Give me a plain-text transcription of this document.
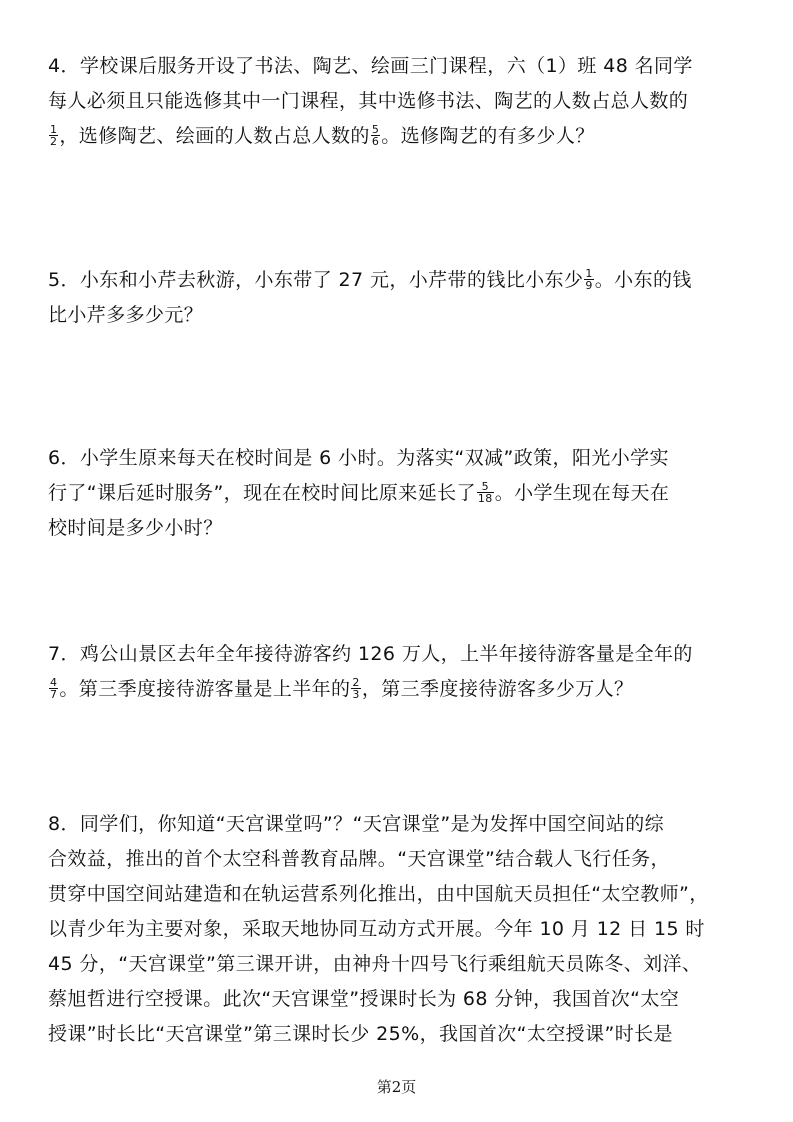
4．学校课后服务开设了书法、陶艺、绘画三门课程，六（1）班 48 名同学
每人必须且只能选修其中一门课程，其中选修书法、陶艺的人数占总人数的
$\frac{1}{2}$ ，选修陶艺、绘画的人数占总人数的 $\frac{5}{6}$ 。选修陶艺的有多少人？
5．小东和小芹去秋游，小东带了 27 元，小芹带的钱比小东少 $\frac{1}{9}$ 。小东的钱
比小芹多多少元？
6．小学生原来每天在校时间是 6 小时。为落实“双减”政策，阳光小学实
行了“课后延时服务”，现在在校时间比原来延长了 $\frac{5}{18}$ 。小学生现在每天在
校时间是多少小时？
7．鸡公山景区去年全年接待游客约 126 万人，上半年接待游客量是全年的
$\frac{4}{7}$ 。第三季度接待游客量是上半年的 $\frac{2}{3}$ ，第三季度接待游客多少万人？
8．同学们，你知道“天宫课堂吗”？“天宫课堂”是为发挥中国空间站的综
合效益，推出的首个太空科普教育品牌。“天宫课堂”结合载人飞行任务，
贯穿中国空间站建造和在轨运营系列化推出，由中国航天员担任“太空教师”，
以青少年为主要对象，采取天地协同互动方式开展。今年 10 月 12 日 15 时
45 分，“天宫课堂”第三课开讲，由神舟十四号飞行乘组航天员陈冬、刘洋、
蔡旭哲进行空授课。此次“天宫课堂”授课时长为 68 分钟，我国首次“太空
授课”时长比“天宫课堂”第三课时长少 25%，我国首次“太空授课”时长是
第2页
